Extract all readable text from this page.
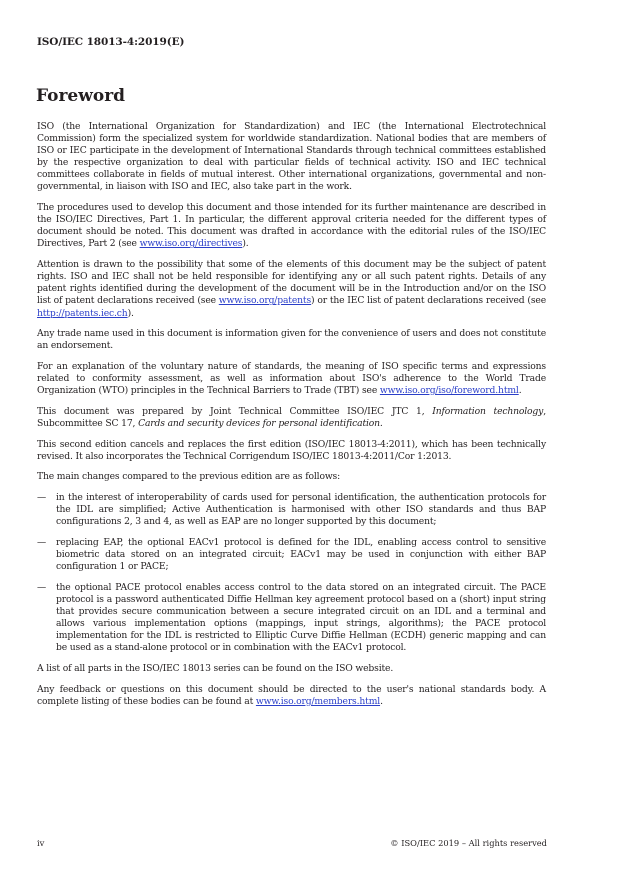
ISO/IEC 18013-4:2019(E)
Foreword

ISO (the International Organization for Standardization) and IEC (the International Electrotechnical Commission) form the specialized system for worldwide standardization. National bodies that are members of ISO or IEC participate in the development of International Standards through technical committees established by the respective organization to deal with particular fields of technical activity. ISO and IEC technical committees collaborate in fields of mutual interest. Other international organizations, governmental and non-governmental, in liaison with ISO and IEC, also take part in the work.

The procedures used to develop this document and those intended for its further maintenance are described in the ISO/IEC Directives, Part 1. In particular, the different approval criteria needed for the different types of document should be noted. This document was drafted in accordance with the editorial rules of the ISO/IEC Directives, Part 2 (see www.iso.org/directives).

Attention is drawn to the possibility that some of the elements of this document may be the subject of patent rights. ISO and IEC shall not be held responsible for identifying any or all such patent rights. Details of any patent rights identified during the development of the document will be in the Introduction and/or on the ISO list of patent declarations received (see www.iso.org/patents) or the IEC list of patent declarations received (see http://patents.iec.ch).

Any trade name used in this document is information given for the convenience of users and does not constitute an endorsement.

For an explanation of the voluntary nature of standards, the meaning of ISO specific terms and expressions related to conformity assessment, as well as information about ISO's adherence to the World Trade Organization (WTO) principles in the Technical Barriers to Trade (TBT) see www.iso.org/iso/foreword.html.

This document was prepared by Joint Technical Committee ISO/IEC JTC 1, Information technology, Subcommittee SC 17, Cards and security devices for personal identification.

This second edition cancels and replaces the first edition (ISO/IEC 18013-4:2011), which has been technically revised. It also incorporates the Technical Corrigendum ISO/IEC 18013-4:2011/Cor 1:2013.

The main changes compared to the previous edition are as follows:

— in the interest of interoperability of cards used for personal identification, the authentication protocols for the IDL are simplified; Active Authentication is harmonised with other ISO standards and thus BAP configurations 2, 3 and 4, as well as EAP are no longer supported by this document;
— replacing EAP, the optional EACv1 protocol is defined for the IDL, enabling access control to sensitive biometric data stored on an integrated circuit; EACv1 may be used in conjunction with either BAP configuration 1 or PACE;
— the optional PACE protocol enables access control to the data stored on an integrated circuit. The PACE protocol is a password authenticated Diffie Hellman key agreement protocol based on a (short) input string that provides secure communication between a secure integrated circuit on an IDL and a terminal and allows various implementation options (mappings, input strings, algorithms); the PACE protocol implementation for the IDL is restricted to Elliptic Curve Diffie Hellman (ECDH) generic mapping and can be used as a stand-alone protocol or in combination with the EACv1 protocol.

A list of all parts in the ISO/IEC 18013 series can be found on the ISO website.

Any feedback or questions on this document should be directed to the user's national standards body. A complete listing of these bodies can be found at www.iso.org/members.html.

iv	© ISO/IEC 2019 – All rights reserved
